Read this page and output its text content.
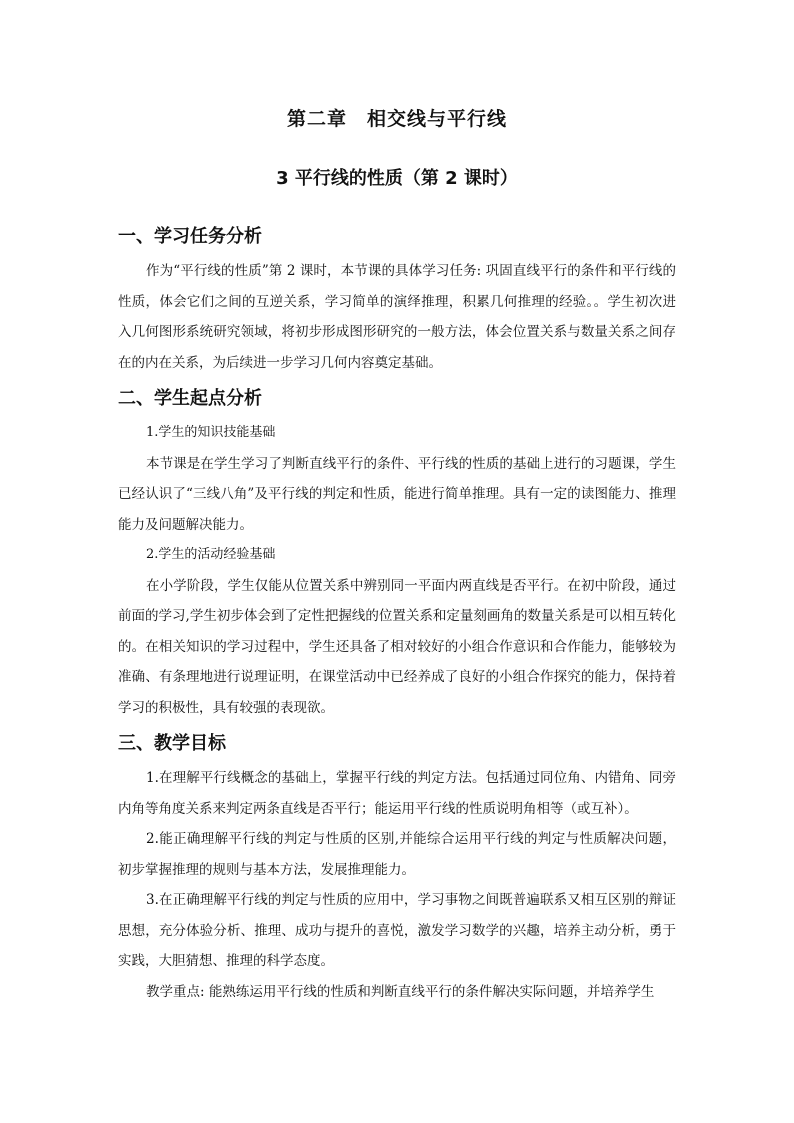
第二章　相交线与平行线
3 平行线的性质（第 2 课时）
一、学习任务分析

作为“平行线的性质”第 2 课时，本节课的具体学习任务: 巩固直线平行的条件和平行线的性质，体会它们之间的互逆关系，学习简单的演绎推理，积累几何推理的经验。。学生初次进入几何图形系统研究领域，将初步形成图形研究的一般方法，体会位置关系与数量关系之间存在的内在关系，为后续进一步学习几何内容奠定基础。

二、学生起点分析

1.学生的知识技能基础

本节课是在学生学习了判断直线平行的条件、平行线的性质的基础上进行的习题课，学生已经认识了“三线八角”及平行线的判定和性质，能进行简单推理。具有一定的读图能力、推理能力及问题解决能力。

2.学生的活动经验基础

在小学阶段，学生仅能从位置关系中辨别同一平面内两直线是否平行。在初中阶段，通过前面的学习,学生初步体会到了定性把握线的位置关系和定量刻画角的数量关系是可以相互转化的。在相关知识的学习过程中，学生还具备了相对较好的小组合作意识和合作能力，能够较为准确、有条理地进行说理证明，在课堂活动中已经养成了良好的小组合作探究的能力，保持着学习的积极性，具有较强的表现欲。

三、教学目标

1.在理解平行线概念的基础上，掌握平行线的判定方法。包括通过同位角、内错角、同旁内角等角度关系来判定两条直线是否平行；能运用平行线的性质说明角相等（或互补）。

2.能正确理解平行线的判定与性质的区别,并能综合运用平行线的判定与性质解决问题，初步掌握推理的规则与基本方法，发展推理能力。

3.在正确理解平行线的判定与性质的应用中，学习事物之间既普遍联系又相互区别的辩证思想，充分体验分析、推理、成功与提升的喜悦，激发学习数学的兴趣，培养主动分析，勇于实践，大胆猜想、推理的科学态度。

教学重点: 能熟练运用平行线的性质和判断直线平行的条件解决实际问题，并培养学生
